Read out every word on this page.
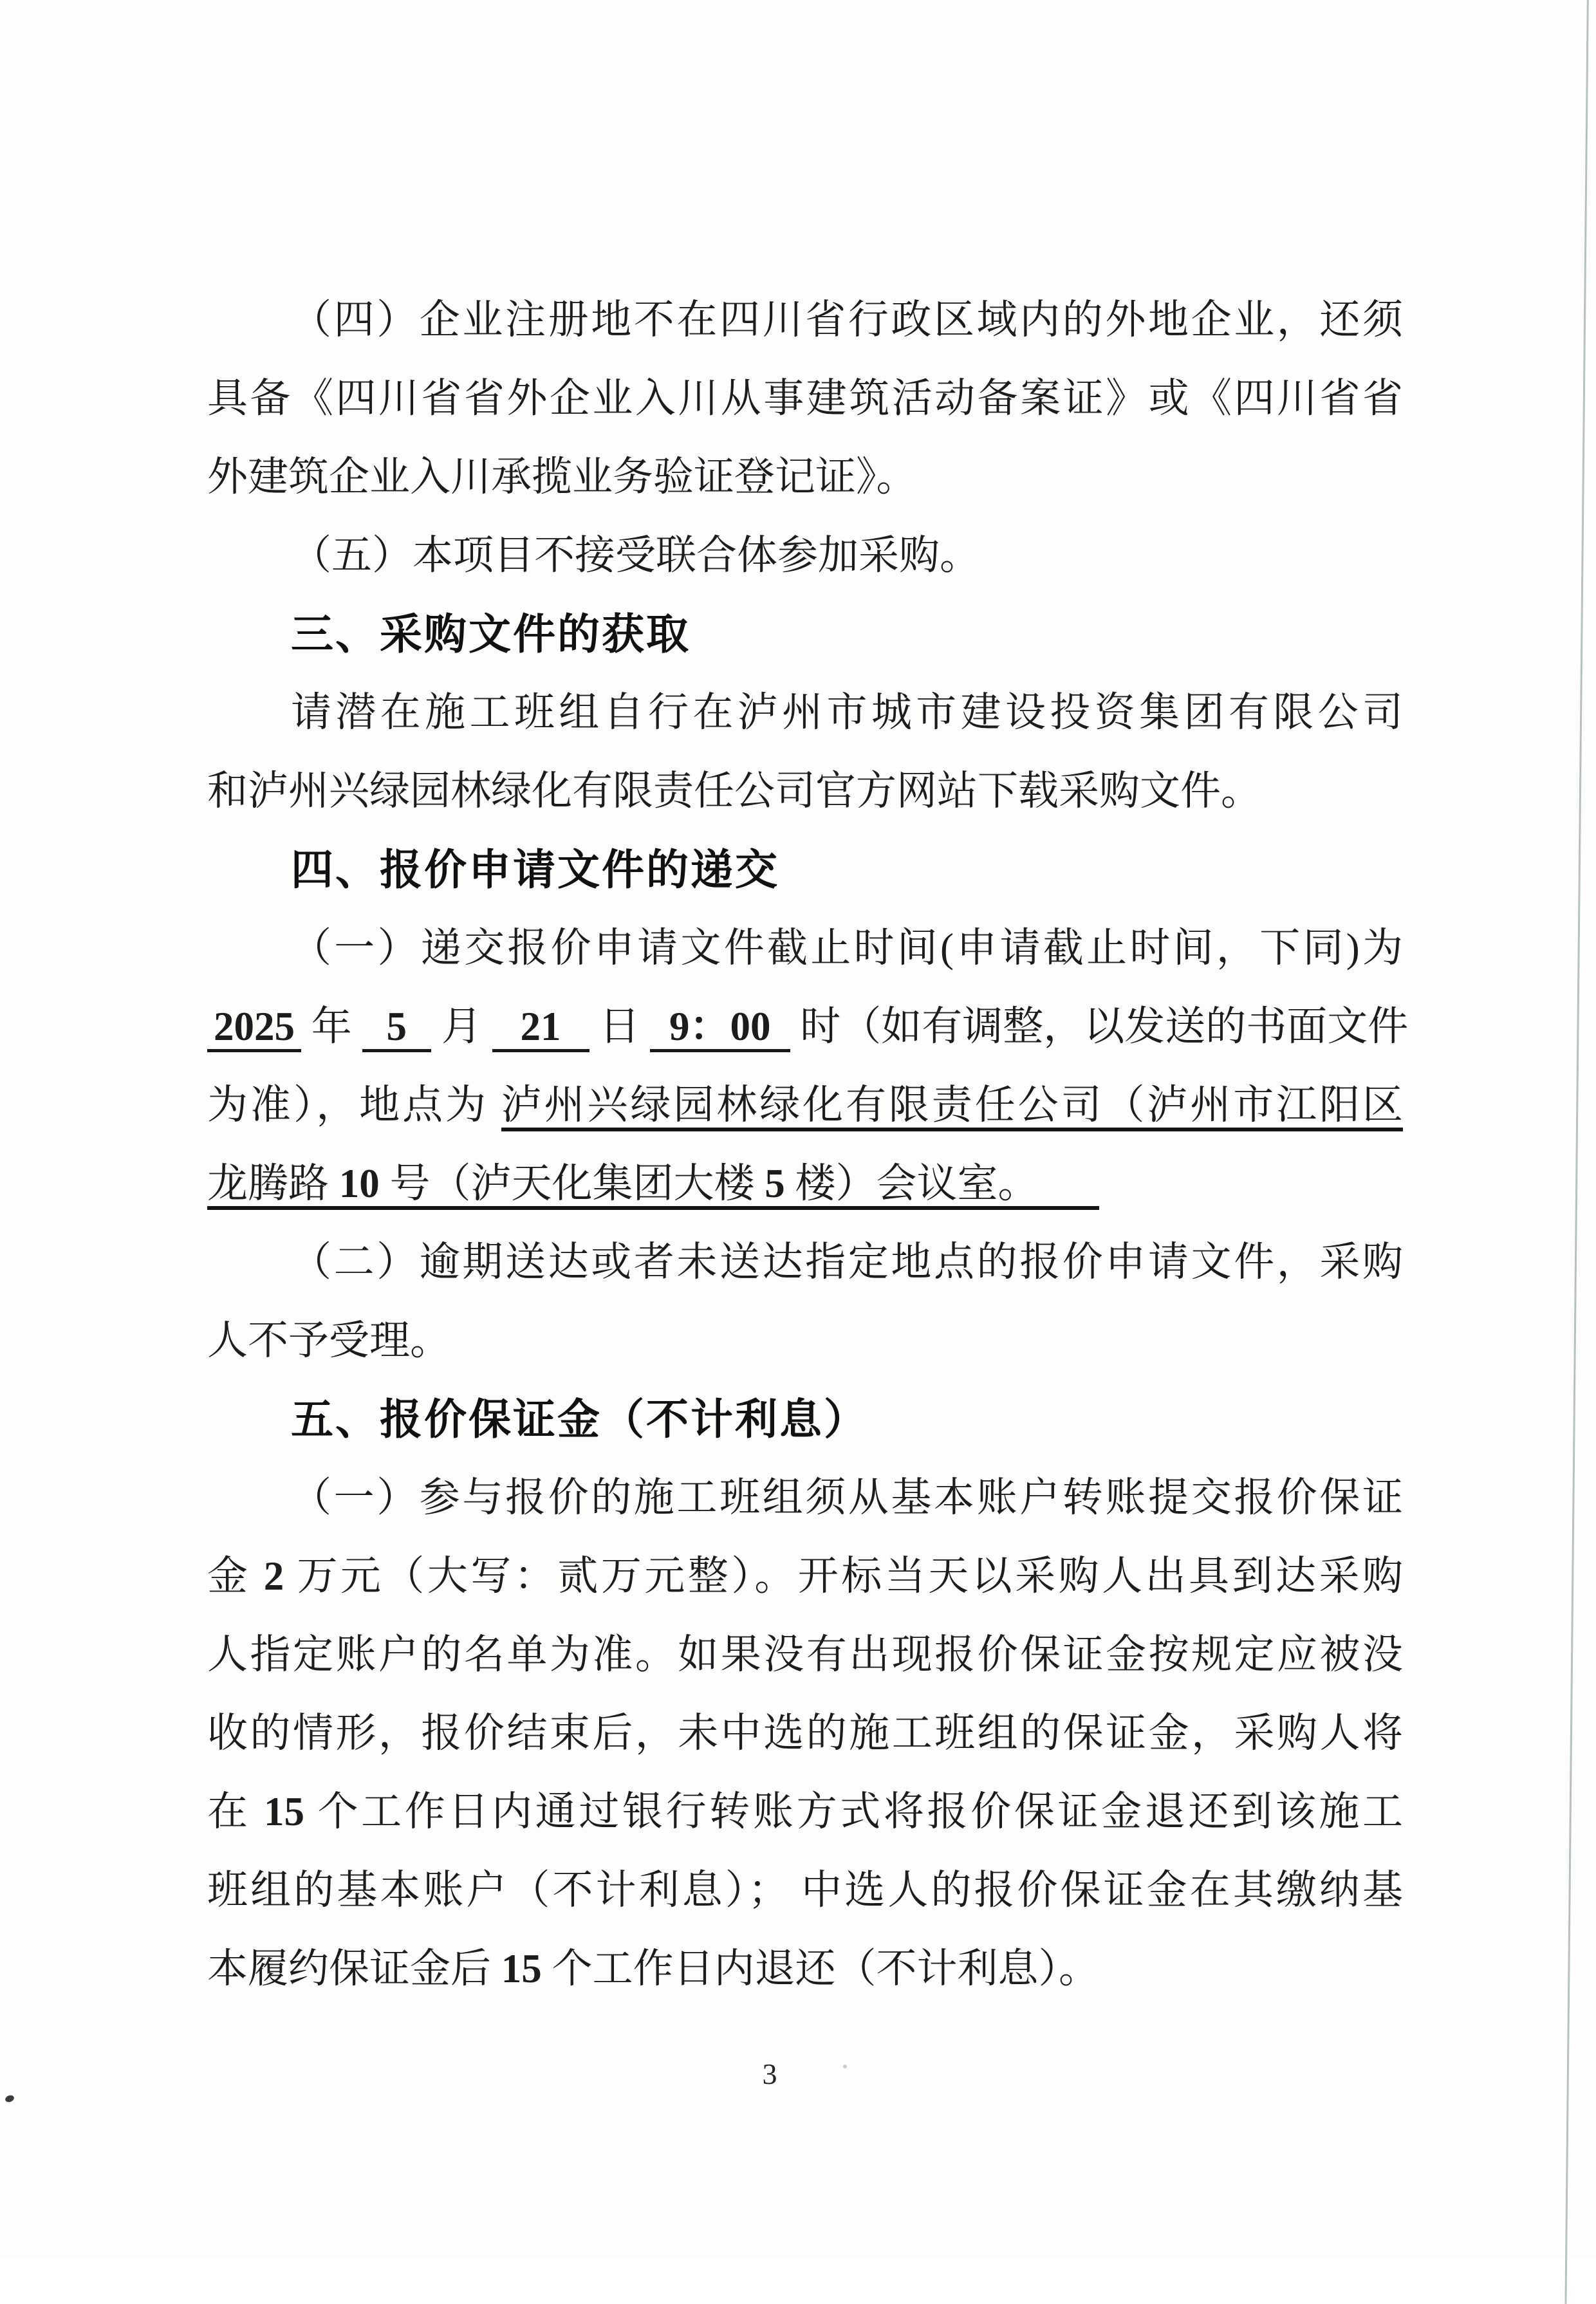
（四）企业注册地不在四川省行政区域内的外地企业，还须

具备《四川省省外企业入川从事建筑活动备案证》或《四川省省

外建筑企业入川承揽业务验证登记证》。

（五）本项目不接受联合体参加采购。

三、采购文件的获取

请潜在施工班组自行在泸州市城市建设投资集团有限公司

和泸州兴绿园林绿化有限责任公司官方网站下载采购文件。

四、报价申请文件的递交

（一）递交报价申请文件截止时间(申请截止时间，下同)为

2025 年 5 月 21 日 9：00 时（如有调整，以发送的书面文件

为准），地点为 泸州兴绿园林绿化有限责任公司（泸州市江阳区

龙腾路 10 号（泸天化集团大楼 5 楼）会议室。　　

（二）逾期送达或者未送达指定地点的报价申请文件，采购

人不予受理。

五、报价保证金（不计利息）

（一）参与报价的施工班组须从基本账户转账提交报价保证

金 2 万元（大写：贰万元整）。开标当天以采购人出具到达采购

人指定账户的名单为准。如果没有出现报价保证金按规定应被没

收的情形，报价结束后，未中选的施工班组的保证金，采购人将

在 15 个工作日内通过银行转账方式将报价保证金退还到该施工

班组的基本账户（不计利息）； 中选人的报价保证金在其缴纳基

本履约保证金后 15 个工作日内退还（不计利息）。

3
